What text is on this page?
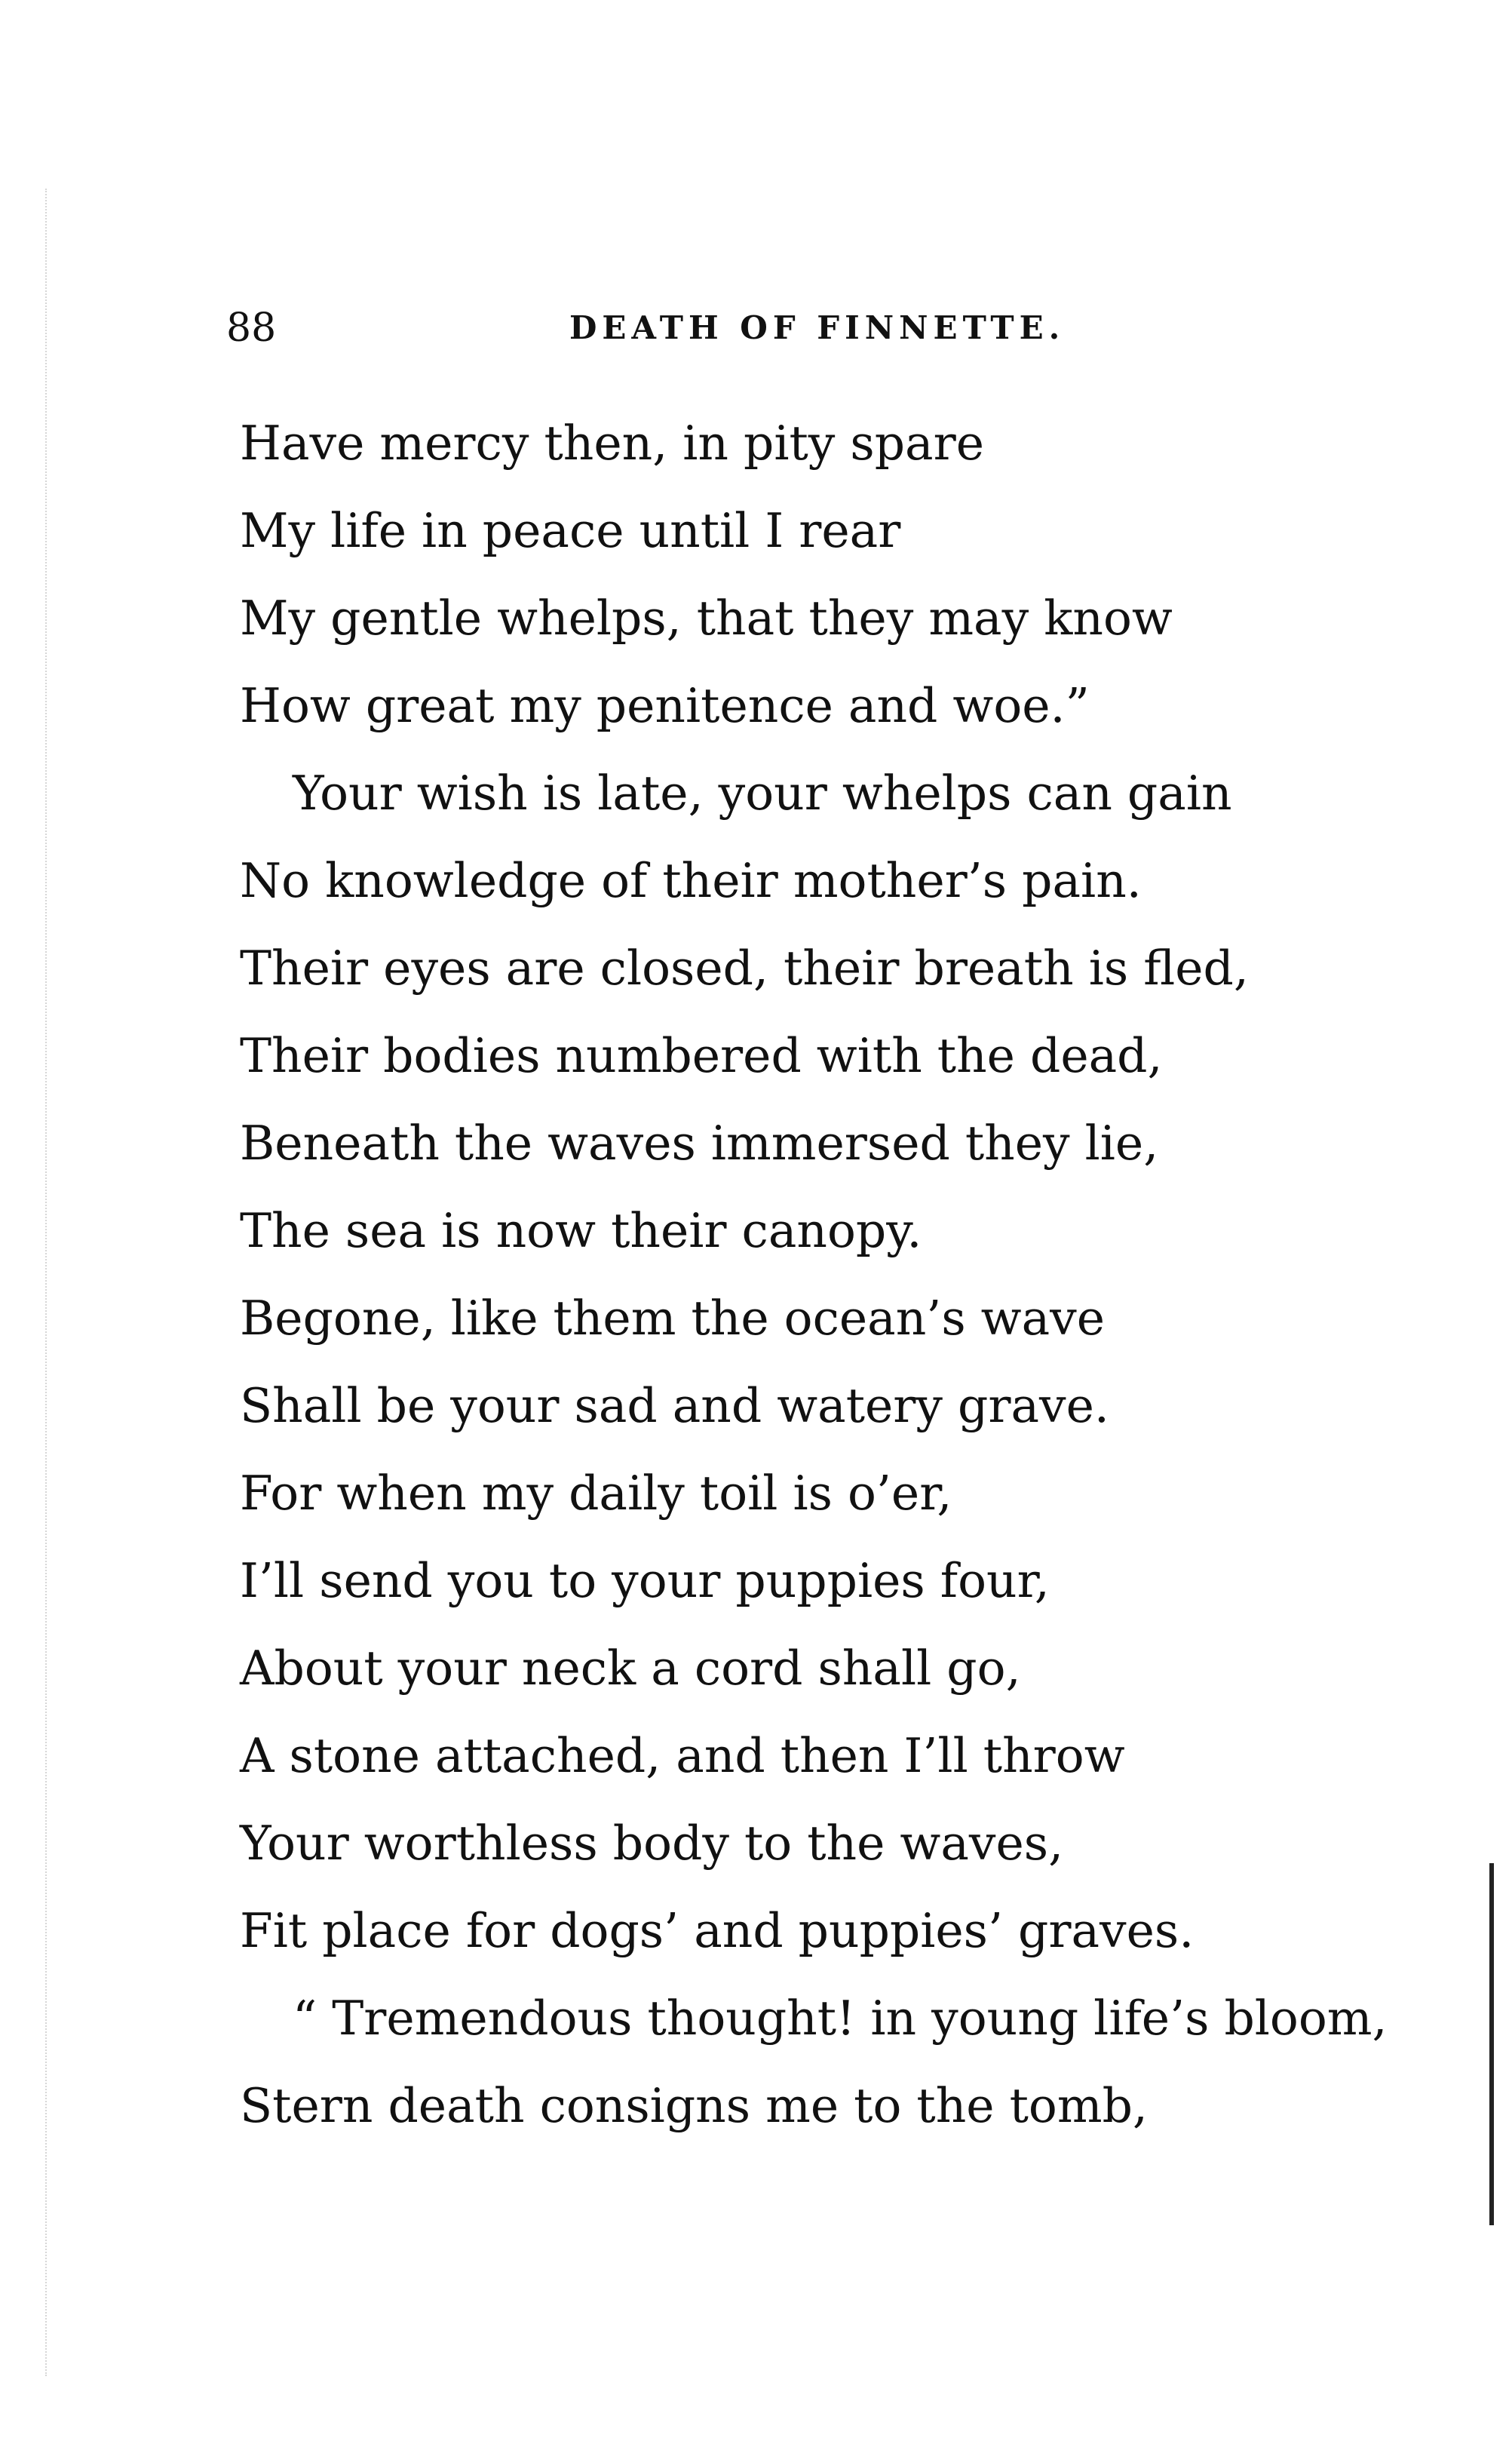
88	DEATH OF FINNETTE.
Have mercy then, in pity spare
My life in peace until I rear
My gentle whelps, that they may know
How great my penitence and woe.”
Your wish is late, your whelps can gain
No knowledge of their mother’s pain.
Their eyes are closed, their breath is fled,
Their bodies numbered with the dead,
Beneath the waves immersed they lie,
The sea is now their canopy.
Begone, like them the ocean’s wave
Shall be your sad and watery grave.
For when my daily toil is o’er,
I’ll send you to your puppies four,
About your neck a cord shall go,
A stone attached, and then I’ll throw
Your worthless body to the waves,
Fit place for dogs’ and puppies’ graves.
“ Tremendous thought! in young life’s bloom,
Stern death consigns me to the tomb,
